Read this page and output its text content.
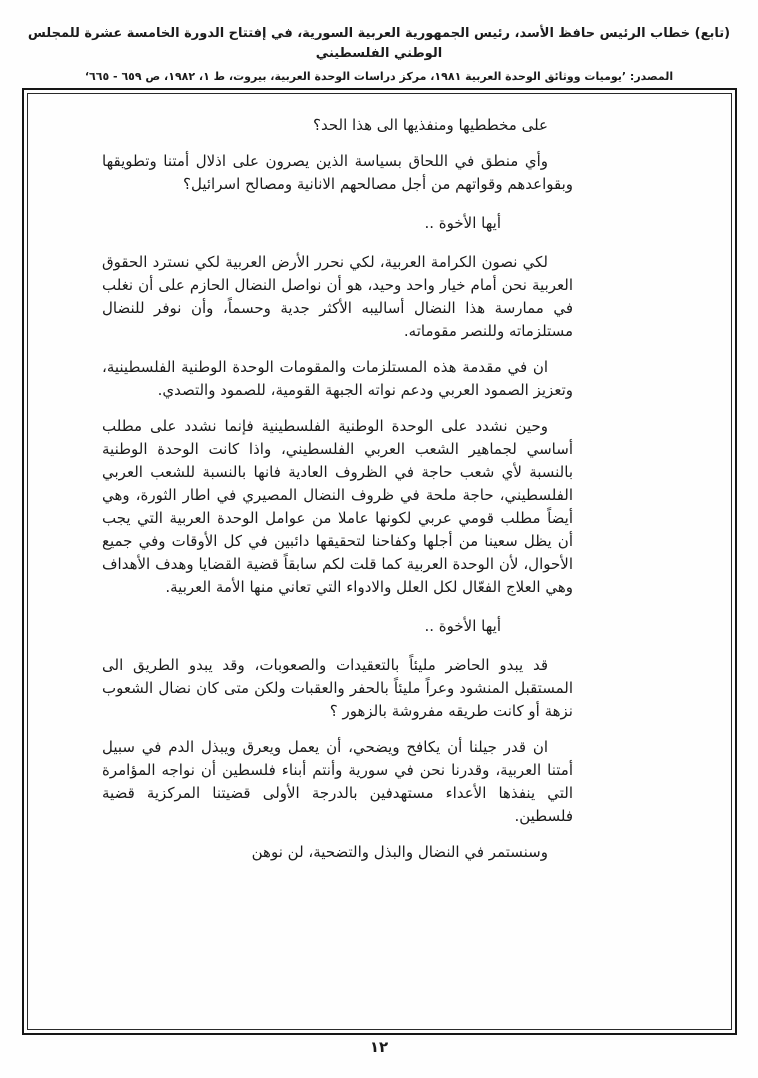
(تابع) خطاب الرئيس حافظ الأسد، رئيس الجمهورية العربية السورية، في إفتتاح الدورة الخامسة عشرة للمجلس الوطني الفلسطيني
المصدر: ’يوميات ووثائق الوحدة العربية ١٩٨١، مركز دراسات الوحدة العربية، بيروت، ط ١، ١٩٨٢، ص ٦٥٩ - ٦٦٥‘

على مخططيها ومنفذيها الى هذا الحد؟

وأي منطق في اللحاق بسياسة الذين يصرون على اذلال أمتنا وتطويقها وبقواعدهم وقواتهم من أجل مصالحهم الانانية ومصالح اسرائيل؟

أيها الأخوة ..

لكي نصون الكرامة العربية، لكي نحرر الأرض العربية لكي نسترد الحقوق العربية نحن أمام خيار واحد وحيد، هو أن نواصل النضال الحازم على أن نغلب في ممارسة هذا النضال أساليبه الأكثر جدية وحسماً، وأن نوفر للنضال مستلزماته وللنصر مقوماته.

ان في مقدمة هذه المستلزمات والمقومات الوحدة الوطنية الفلسطينية، وتعزيز الصمود العربي ودعم نواته الجبهة القومية، للصمود والتصدي.

وحين نشدد على الوحدة الوطنية الفلسطينية فإنما نشدد على مطلب أساسي لجماهير الشعب العربي الفلسطيني، واذا كانت الوحدة الوطنية بالنسبة لأي شعب حاجة في الظروف العادية فانها بالنسبة للشعب العربي الفلسطيني، حاجة ملحة في ظروف النضال المصيري في اطار الثورة، وهي أيضاً مطلب قومي عربي لكونها عاملا من عوامل الوحدة العربية التي يجب أن يظل سعينا من أجلها وكفاحنا لتحقيقها دائبين في كل الأوقات وفي جميع الأحوال، لأن الوحدة العربية كما قلت لكم سابقاً قضية القضايا وهدف الأهداف وهي العلاج الفعّال لكل العلل والادواء التي تعاني منها الأمة العربية.

أيها الأخوة ..

قد يبدو الحاضر مليئاً بالتعقيدات والصعوبات، وقد يبدو الطريق الى المستقبل المنشود وعراً مليئاً بالحفر والعقبات ولكن متى كان نضال الشعوب نزهة أو كانت طريقه مفروشة بالزهور ؟

ان قدر جيلنا أن يكافح ويضحي، أن يعمل ويعرق ويبذل الدم في سبيل أمتنا العربية، وقدرنا نحن في سورية وأنتم أبناء فلسطين أن نواجه المؤامرة التي ينفذها الأعداء مستهدفين بالدرجة الأولى قضيتنا المركزية قضية فلسطين.

وسنستمر في النضال والبذل والتضحية، لن نوهن

١٢
